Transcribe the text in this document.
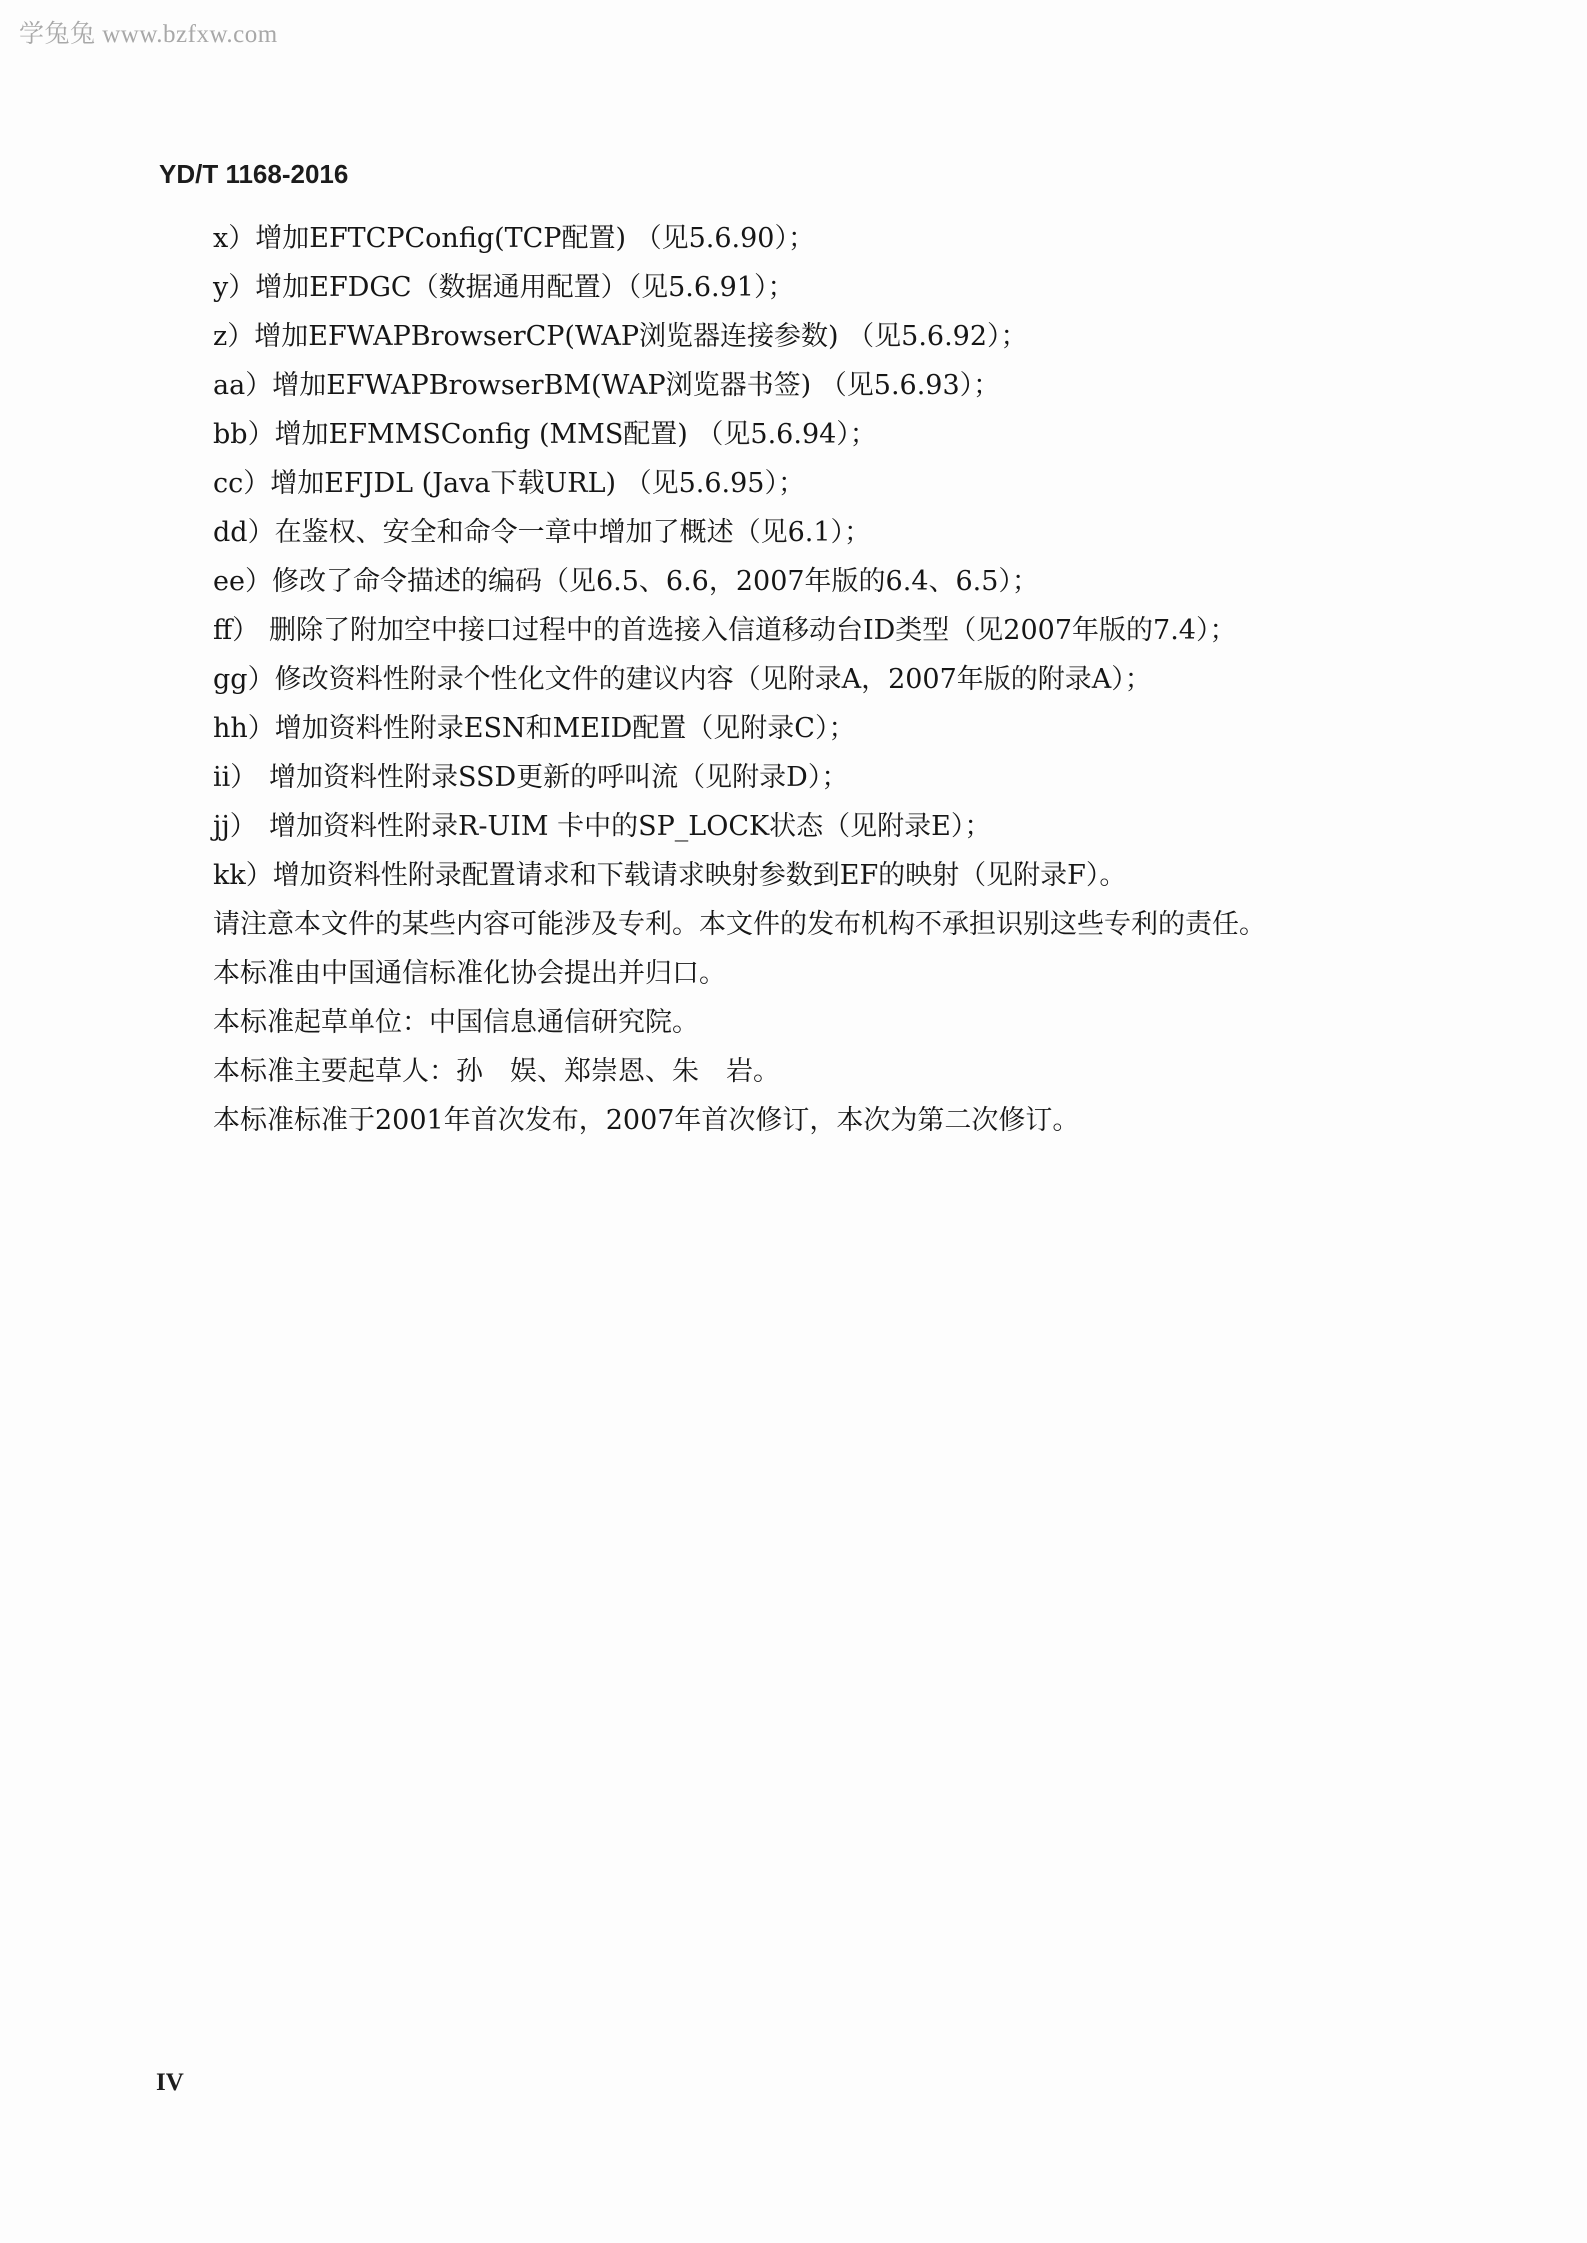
学兔兔 www.bzfxw.com
YD/T 1168-2016
x）增加EFTCPConfig(TCP配置) （见5.6.90）；
y）增加EFDGC（数据通用配置）（见5.6.91）；
z）增加EFWAPBrowserCP(WAP浏览器连接参数) （见5.6.92）；
aa）增加EFWAPBrowserBM(WAP浏览器书签) （见5.6.93）；
bb）增加EFMMSConfig (MMS配置) （见5.6.94）；
cc）增加EFJDL (Java下载URL) （见5.6.95）；
dd）在鉴权、安全和命令一章中增加了概述（见6.1）；
ee）修改了命令描述的编码（见6.5、6.6，2007年版的6.4、6.5）；
ff） 删除了附加空中接口过程中的首选接入信道移动台ID类型（见2007年版的7.4）；
gg）修改资料性附录个性化文件的建议内容（见附录A，2007年版的附录A）；
hh）增加资料性附录ESN和MEID配置（见附录C）；
ii） 增加资料性附录SSD更新的呼叫流（见附录D）；
jj） 增加资料性附录R-UIM 卡中的SP_LOCK状态（见附录E）；
kk）增加资料性附录配置请求和下载请求映射参数到EF的映射（见附录F）。
请注意本文件的某些内容可能涉及专利。本文件的发布机构不承担识别这些专利的责任。
本标准由中国通信标准化协会提出并归口。
本标准起草单位：中国信息通信研究院。
本标准主要起草人：孙　娱、郑崇恩、朱　岩。
本标准标准于2001年首次发布，2007年首次修订，本次为第二次修订。
IV
